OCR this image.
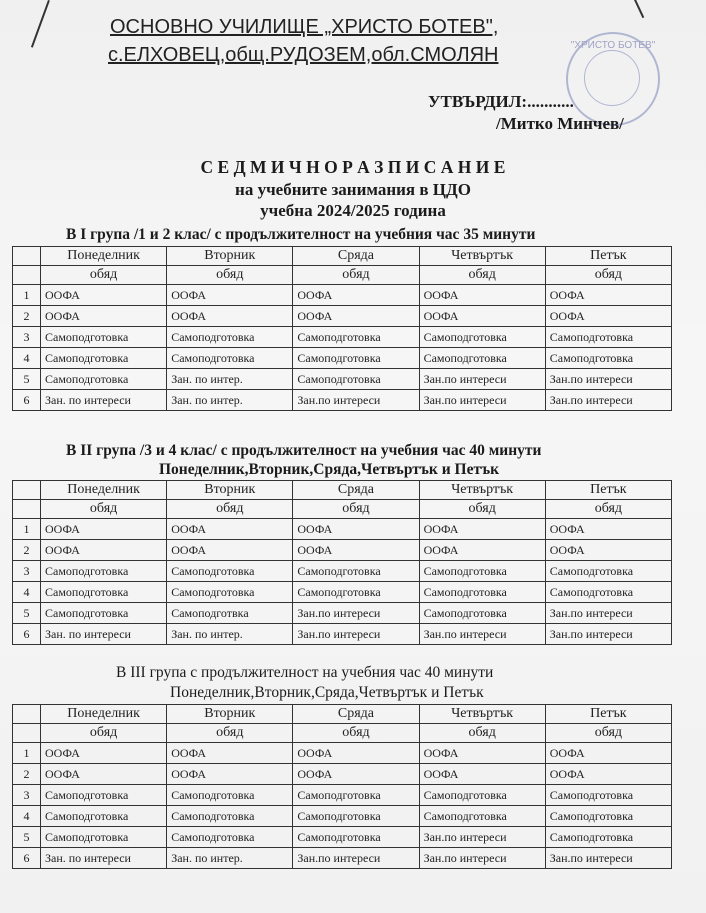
ОСНОВНО УЧИЛИЩЕ „ХРИСТО БОТЕВ",
с.ЕЛХОВЕЦ,общ.РУДОЗЕМ,обл.СМОЛЯН	"ХРИСТО БОТЕВ"
УТВЪРДИЛ:...........
/Митко Минчев/
С Е Д М И Ч Н О Р А З П И С А Н И Е
на учебните занимания в ЦДО
учебна 2024/2025 година
В I група /1 и 2 клас/ с продължителност на учебния час 35 минути
	Понеделник	Вторник	Сряда	Четвъртък	Петък
	обяд	обяд	обяд	обяд	обяд
1	ООФА	ООФА	ООФА	ООФА	ООФА
2	ООФА	ООФА	ООФА	ООФА	ООФА
3	Самоподготовка	Самоподготовка	Самоподготовка	Самоподготовка	Самоподготовка
4	Самоподготовка	Самоподготовка	Самоподготовка	Самоподготовка	Самоподготовка
5	Самоподготовка	Зан. по интер.	Самоподготовка	Зан.по интереси	Зан.по интереси
6	Зан. по интереси	Зан. по интер.	Зан.по интереси	Зан.по интереси	Зан.по интереси
В II група /3 и 4 клас/ с продължителност на учебния час 40 минути
Понеделник,Вторник,Сряда,Четвъртък и Петък
	Понеделник	Вторник	Сряда	Четвъртък	Петък
	обяд	обяд	обяд	обяд	обяд
1	ООФА	ООФА	ООФА	ООФА	ООФА
2	ООФА	ООФА	ООФА	ООФА	ООФА
3	Самоподготовка	Самоподготовка	Самоподготовка	Самоподготовка	Самоподготовка
4	Самоподготовка	Самоподготовка	Самоподготовка	Самоподготовка	Самоподготовка
5	Самоподготовка	Самоподготвка	Зан.по интереси	Самоподготовка	Зан.по интереси
6	Зан. по интереси	Зан. по интер.	Зан.по интереси	Зан.по интереси	Зан.по интереси
В III група с продължителност на учебния час 40 минути
Понеделник,Вторник,Сряда,Четвъртък и Петък
	Понеделник	Вторник	Сряда	Четвъртък	Петък
	обяд	обяд	обяд	обяд	обяд
1	ООФА	ООФА	ООФА	ООФА	ООФА
2	ООФА	ООФА	ООФА	ООФА	ООФА
3	Самоподготовка	Самоподготовка	Самоподготовка	Самоподготовка	Самоподготовка
4	Самоподготовка	Самоподготовка	Самоподготовка	Самоподготовка	Самоподготовка
5	Самоподготовка	Самоподготовка	Самоподготовка	Зан.по интереси	Самоподготовка
6	Зан. по интереси	Зан. по интер.	Зан.по интереси	Зан.по интереси	Зан.по интереси
